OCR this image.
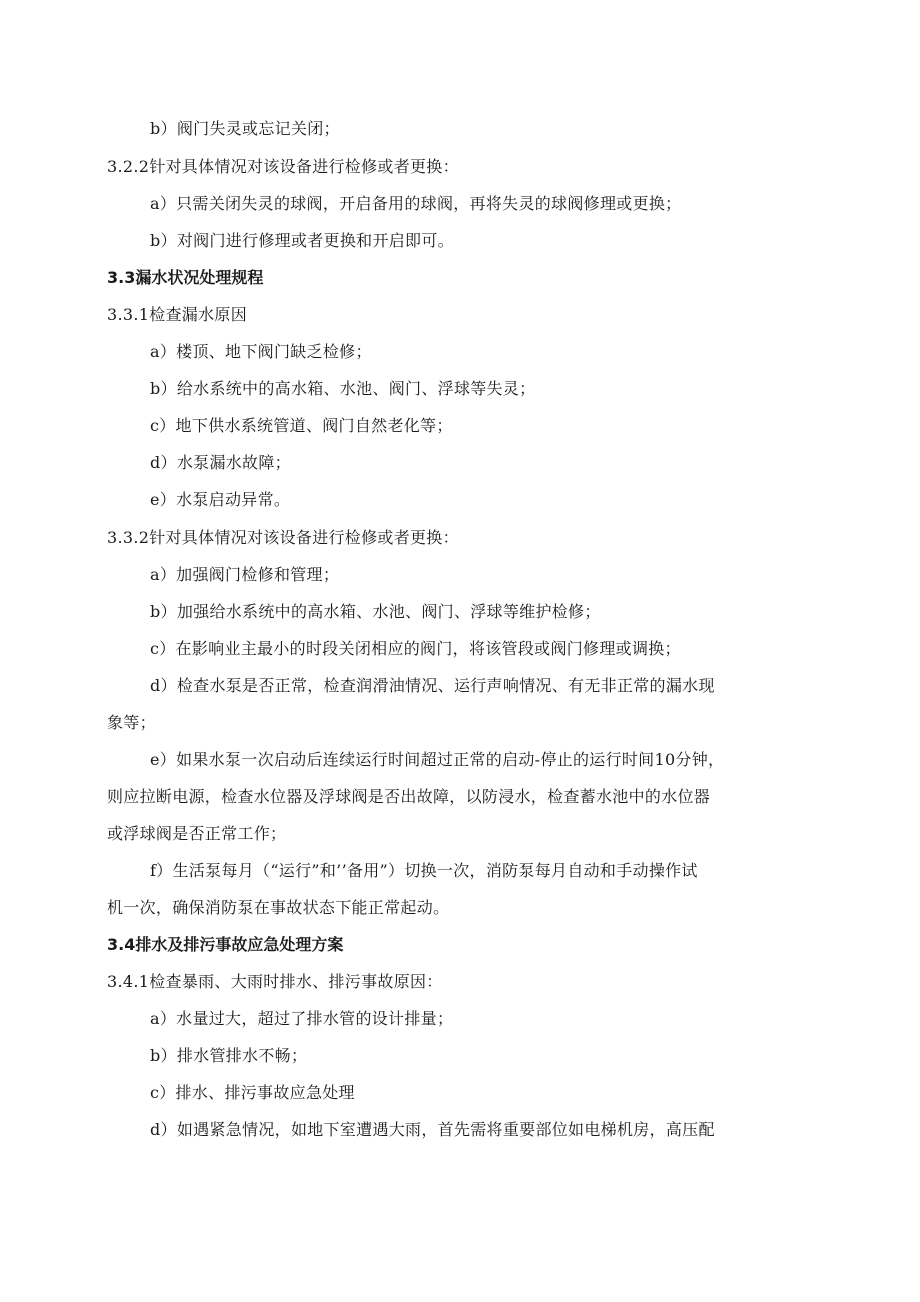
b）阀门失灵或忘记关闭；
3.2.2针对具体情况对该设备进行检修或者更换：
a）只需关闭失灵的球阀，开启备用的球阀，再将失灵的球阀修理或更换；
b）对阀门进行修理或者更换和开启即可。
3.3漏水状况处理规程
3.3.1检查漏水原因
a）楼顶、地下阀门缺乏检修；
b）给水系统中的高水箱、水池、阀门、浮球等失灵；
c）地下供水系统管道、阀门自然老化等；
d）水泵漏水故障；
e）水泵启动异常。
3.3.2针对具体情况对该设备进行检修或者更换：
a）加强阀门检修和管理；
b）加强给水系统中的高水箱、水池、阀门、浮球等维护检修；
c）在影响业主最小的时段关闭相应的阀门，将该管段或阀门修理或调换；
d）检查水泵是否正常，检查润滑油情况、运行声响情况、有无非正常的漏水现
象等；
e）如果水泵一次启动后连续运行时间超过正常的启动-停止的运行时间10分钟，
则应拉断电源，检查水位器及浮球阀是否出故障，以防浸水，检查蓄水池中的水位器
或浮球阀是否正常工作；
f）生活泵每月（“运行”和’’备用”）切换一次，消防泵每月自动和手动操作试
机一次，确保消防泵在事故状态下能正常起动。
3.4排水及排污事故应急处理方案
3.4.1检查暴雨、大雨时排水、排污事故原因：
a）水量过大，超过了排水管的设计排量；
b）排水管排水不畅；
c）排水、排污事故应急处理
d）如遇紧急情况，如地下室遭遇大雨，首先需将重要部位如电梯机房，高压配
